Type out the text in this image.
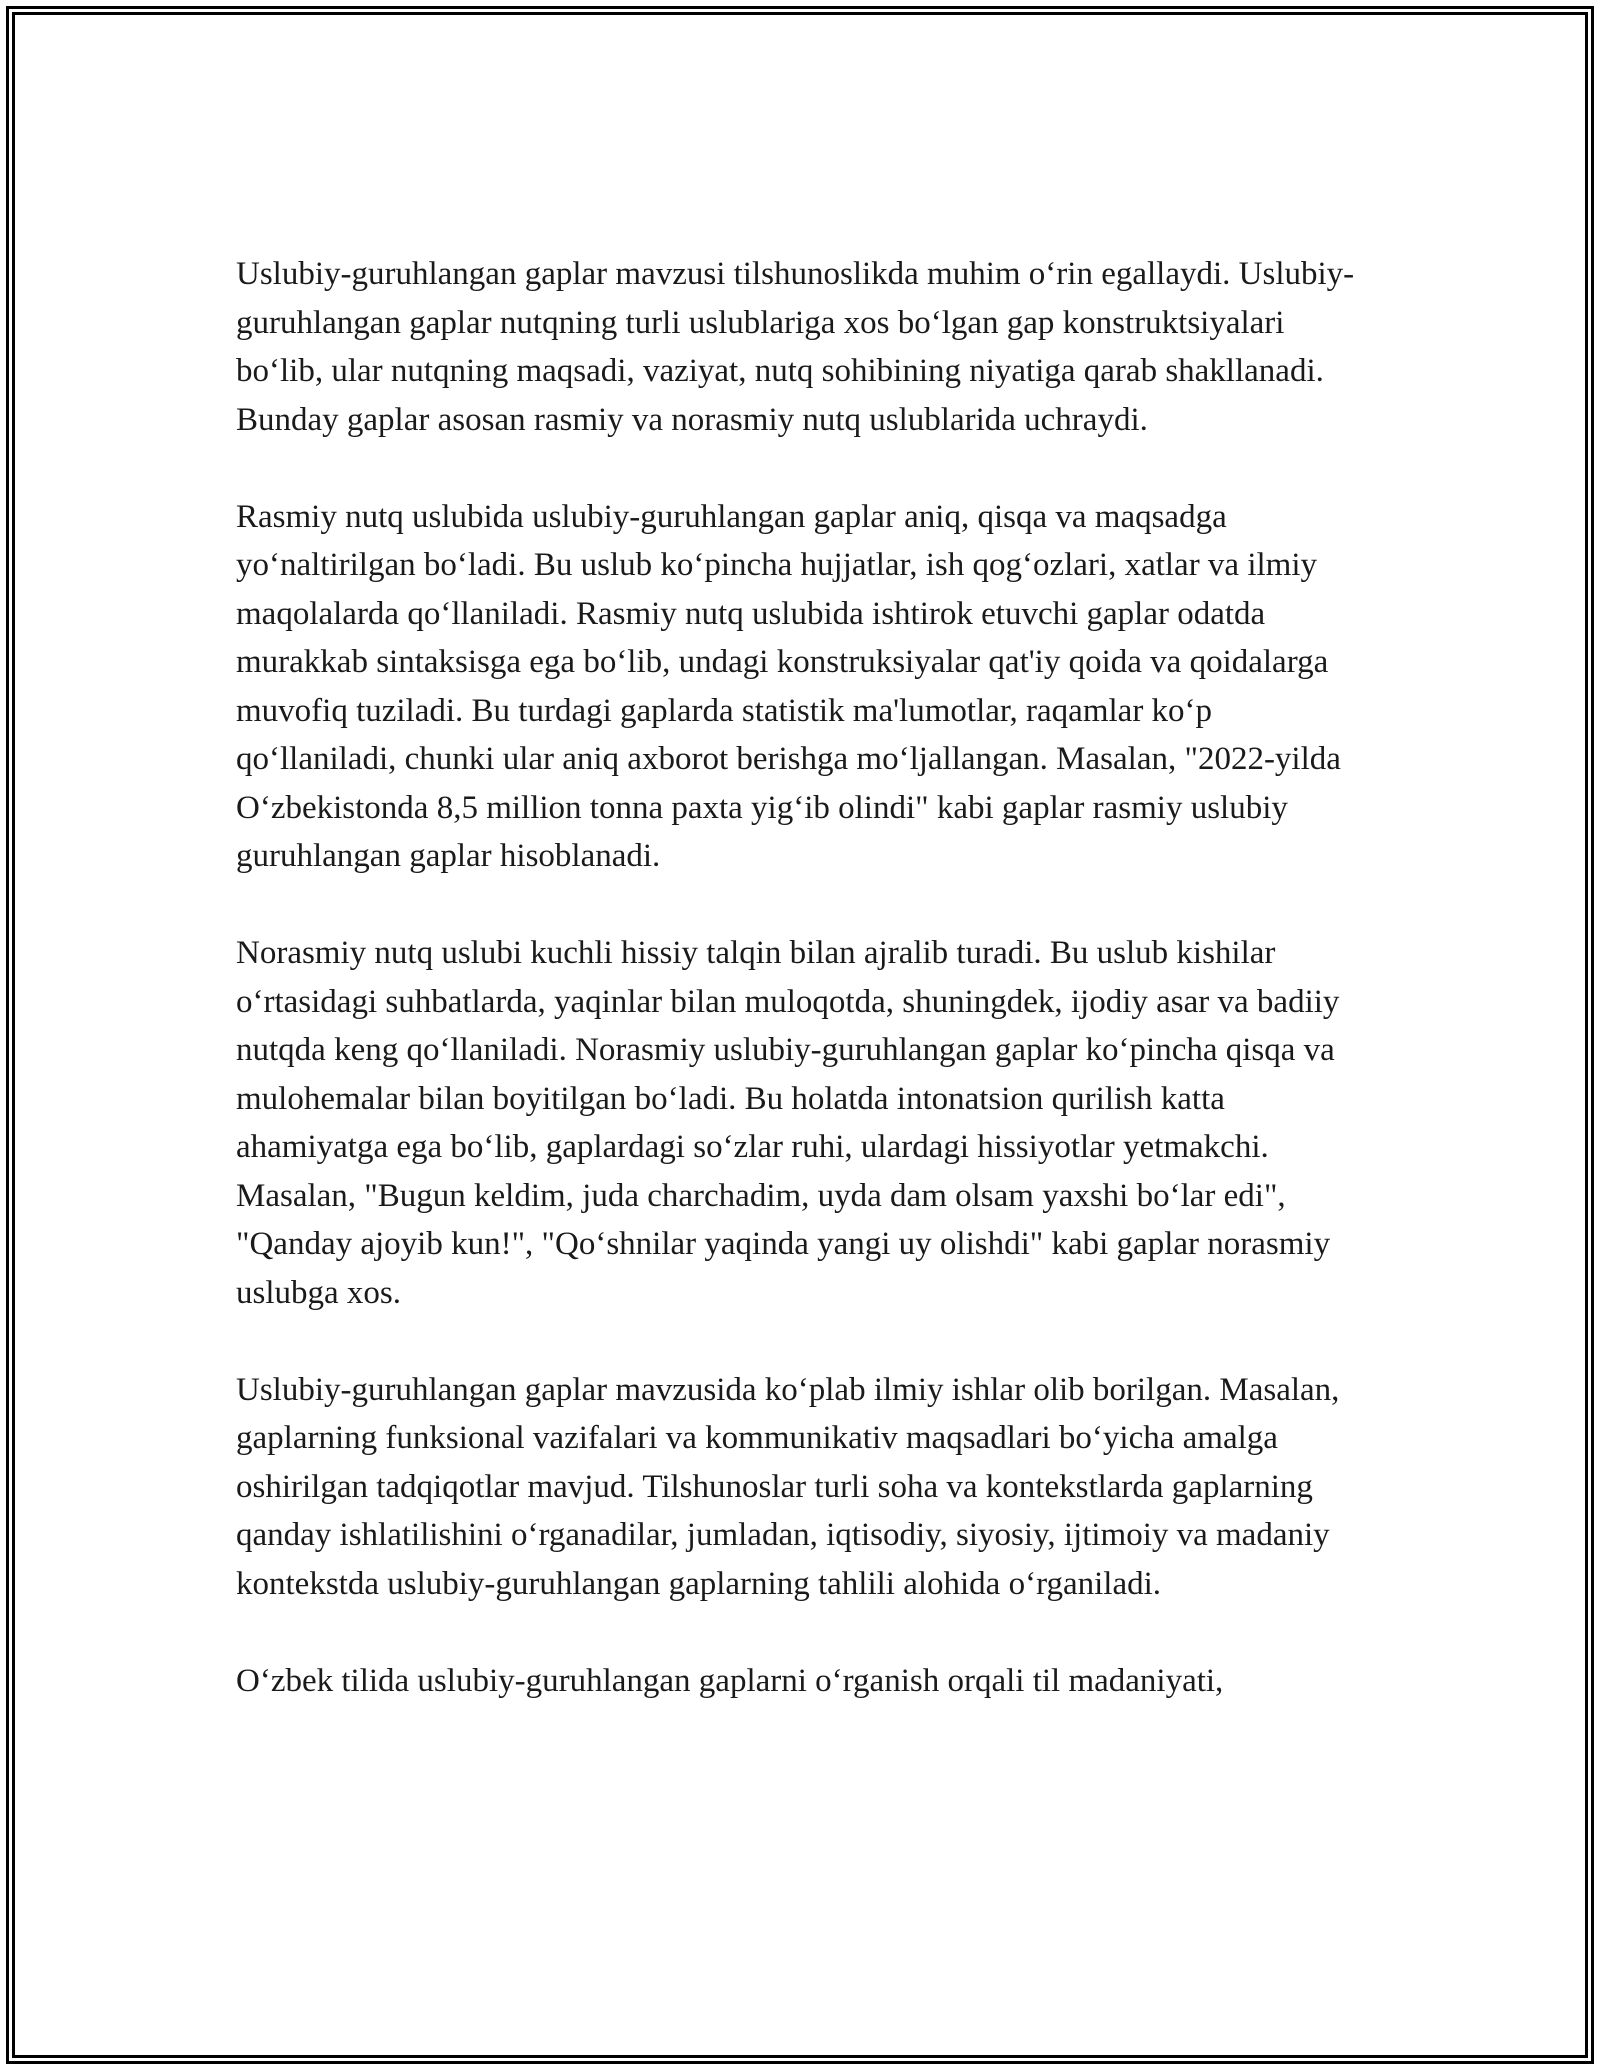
Uslubiy-guruhlangan gaplar mavzusi tilshunoslikda muhim o‘rin egallaydi. Uslubiy-guruhlangan gaplar nutqning turli uslublariga xos bo‘lgan gap konstruktsiyalari bo‘lib, ular nutqning maqsadi, vaziyat, nutq sohibining niyatiga qarab shakllanadi. Bunday gaplar asosan rasmiy va norasmiy nutq uslublarida uchraydi.

Rasmiy nutq uslubida uslubiy-guruhlangan gaplar aniq, qisqa va maqsadga yo‘naltirilgan bo‘ladi. Bu uslub ko‘pincha hujjatlar, ish qog‘ozlari, xatlar va ilmiy maqolalarda qo‘llaniladi. Rasmiy nutq uslubida ishtirok etuvchi gaplar odatda murakkab sintaksisga ega bo‘lib, undagi konstruksiyalar qat'iy qoida va qoidalarga muvofiq tuziladi. Bu turdagi gaplarda statistik ma'lumotlar, raqamlar ko‘p qo‘llaniladi, chunki ular aniq axborot berishga mo‘ljallangan. Masalan, "2022-yilda O‘zbekistonda 8,5 million tonna paxta yig‘ib olindi" kabi gaplar rasmiy uslubiy guruhlangan gaplar hisoblanadi.

Norasmiy nutq uslubi kuchli hissiy talqin bilan ajralib turadi. Bu uslub kishilar o‘rtasidagi suhbatlarda, yaqinlar bilan muloqotda, shuningdek, ijodiy asar va badiiy nutqda keng qo‘llaniladi. Norasmiy uslubiy-guruhlangan gaplar ko‘pincha qisqa va mulohemalar bilan boyitilgan bo‘ladi. Bu holatda intonatsion qurilish katta ahamiyatga ega bo‘lib, gaplardagi so‘zlar ruhi, ulardagi hissiyotlar yetmakchi. Masalan, "Bugun keldim, juda charchadim, uyda dam olsam yaxshi bo‘lar edi", "Qanday ajoyib kun!", "Qo‘shnilar yaqinda yangi uy olishdi" kabi gaplar norasmiy uslubga xos.

Uslubiy-guruhlangan gaplar mavzusida ko‘plab ilmiy ishlar olib borilgan. Masalan, gaplarning funksional vazifalari va kommunikativ maqsadlari bo‘yicha amalga oshirilgan tadqiqotlar mavjud. Tilshunoslar turli soha va kontekstlarda gaplarning qanday ishlatilishini o‘rganadilar, jumladan, iqtisodiy, siyosiy, ijtimoiy va madaniy kontekstda uslubiy-guruhlangan gaplarning tahlili alohida o‘rganiladi.

O‘zbek tilida uslubiy-guruhlangan gaplarni o‘rganish orqali til madaniyati,
